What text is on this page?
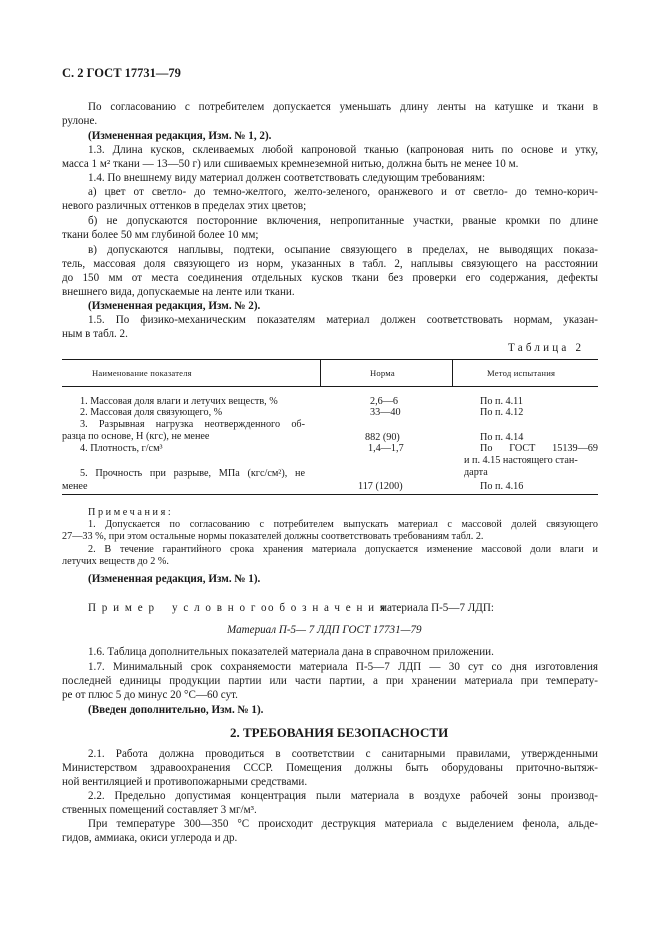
С. 2 ГОСТ 17731—79
По согласованию с потребителем допускается уменьшать длину ленты на катушке и ткани в
рулоне.
(Измененная редакция, Изм. № 1, 2).
1.3. Длина кусков, склеиваемых любой капроновой тканью (капроновая нить по основе и утку,
масса 1 м² ткани — 13—50 г) или сшиваемых кремнеземной нитью, должна быть не менее 10 м.
1.4. По внешнему виду материал должен соответствовать следующим требованиям:
а) цвет от светло- до темно-желтого, желто-зеленого, оранжевого и от светло- до темно-корич-
невого различных оттенков в пределах этих цветов;
б) не допускаются посторонние включения, непропитанные участки, рваные кромки по длине
ткани более 50 мм глубиной более 10 мм;
в) допускаются наплывы, подтеки, осыпание связующего в пределах, не выводящих показа-
тель, массовая доля связующего из норм, указанных в табл. 2, наплывы связующего на расстоянии
до 150 мм от места соединения отдельных кусков ткани без проверки его содержания, дефекты
внешнего вида, допускаемые на ленте или ткани.
(Измененная редакция, Изм. № 2).
1.5. По физико-механическим показателям материал должен соответствовать нормам, указан-
ным в табл. 2.
Таблица 2
Наименование показателя	Норма	Метод испытания
1. Массовая доля влаги и летучих веществ, %	2,6—6	По п. 4.11
2. Массовая доля связующего, %	33—40	По п. 4.12
3. Разрывная нагрузка неотвержденного об-
разца по основе, Н (кгс), не менее	882 (90)	По п. 4.14
4. Плотность, г/см³	1,4—1,7	По ГОСТ 15139—69
и п. 4.15 настоящего стан-
дарта
5. Прочность при разрыве, МПа (кгс/см²), не
менее	117 (1200)	По п. 4.16
Примечания:
1. Допускается по согласованию с потребителем выпускать материал с массовой долей связующего
27—33 %, при этом остальные нормы показателей должны соответствовать требованиям табл. 2.
2. В течение гарантийного срока хранения материала допускается изменение массовой доли влаги и
летучих веществ до 2 %.
(Измененная редакция, Изм. № 1).
Пример условного
обозначения
материала П-5—7 ЛДП:
Материал П-5— 7 ЛДП ГОСТ 17731—79
1.6. Таблица дополнительных показателей материала дана в справочном приложении.
1.7. Минимальный срок сохраняемости материала П-5—7 ЛДП — 30 сут со дня изготовления
последней единицы продукции партии или части партии, а при хранении материала при температу-
ре от плюс 5 до минус 20 °С—60 сут.
(Введен дополнительно, Изм. № 1).
2. ТРЕБОВАНИЯ БЕЗОПАСНОСТИ
2.1. Работа должна проводиться в соответствии с санитарными правилами, утвержденными
Министерством здравоохранения СССР. Помещения должны быть оборудованы приточно-вытяж-
ной вентиляцией и противопожарными средствами.
2.2. Предельно допустимая концентрация пыли материала в воздухе рабочей зоны производ-
ственных помещений составляет 3 мг/м³.
При температуре 300—350 °С происходит деструкция материала с выделением фенола, альде-
гидов, аммиака, окиси углерода и др.
